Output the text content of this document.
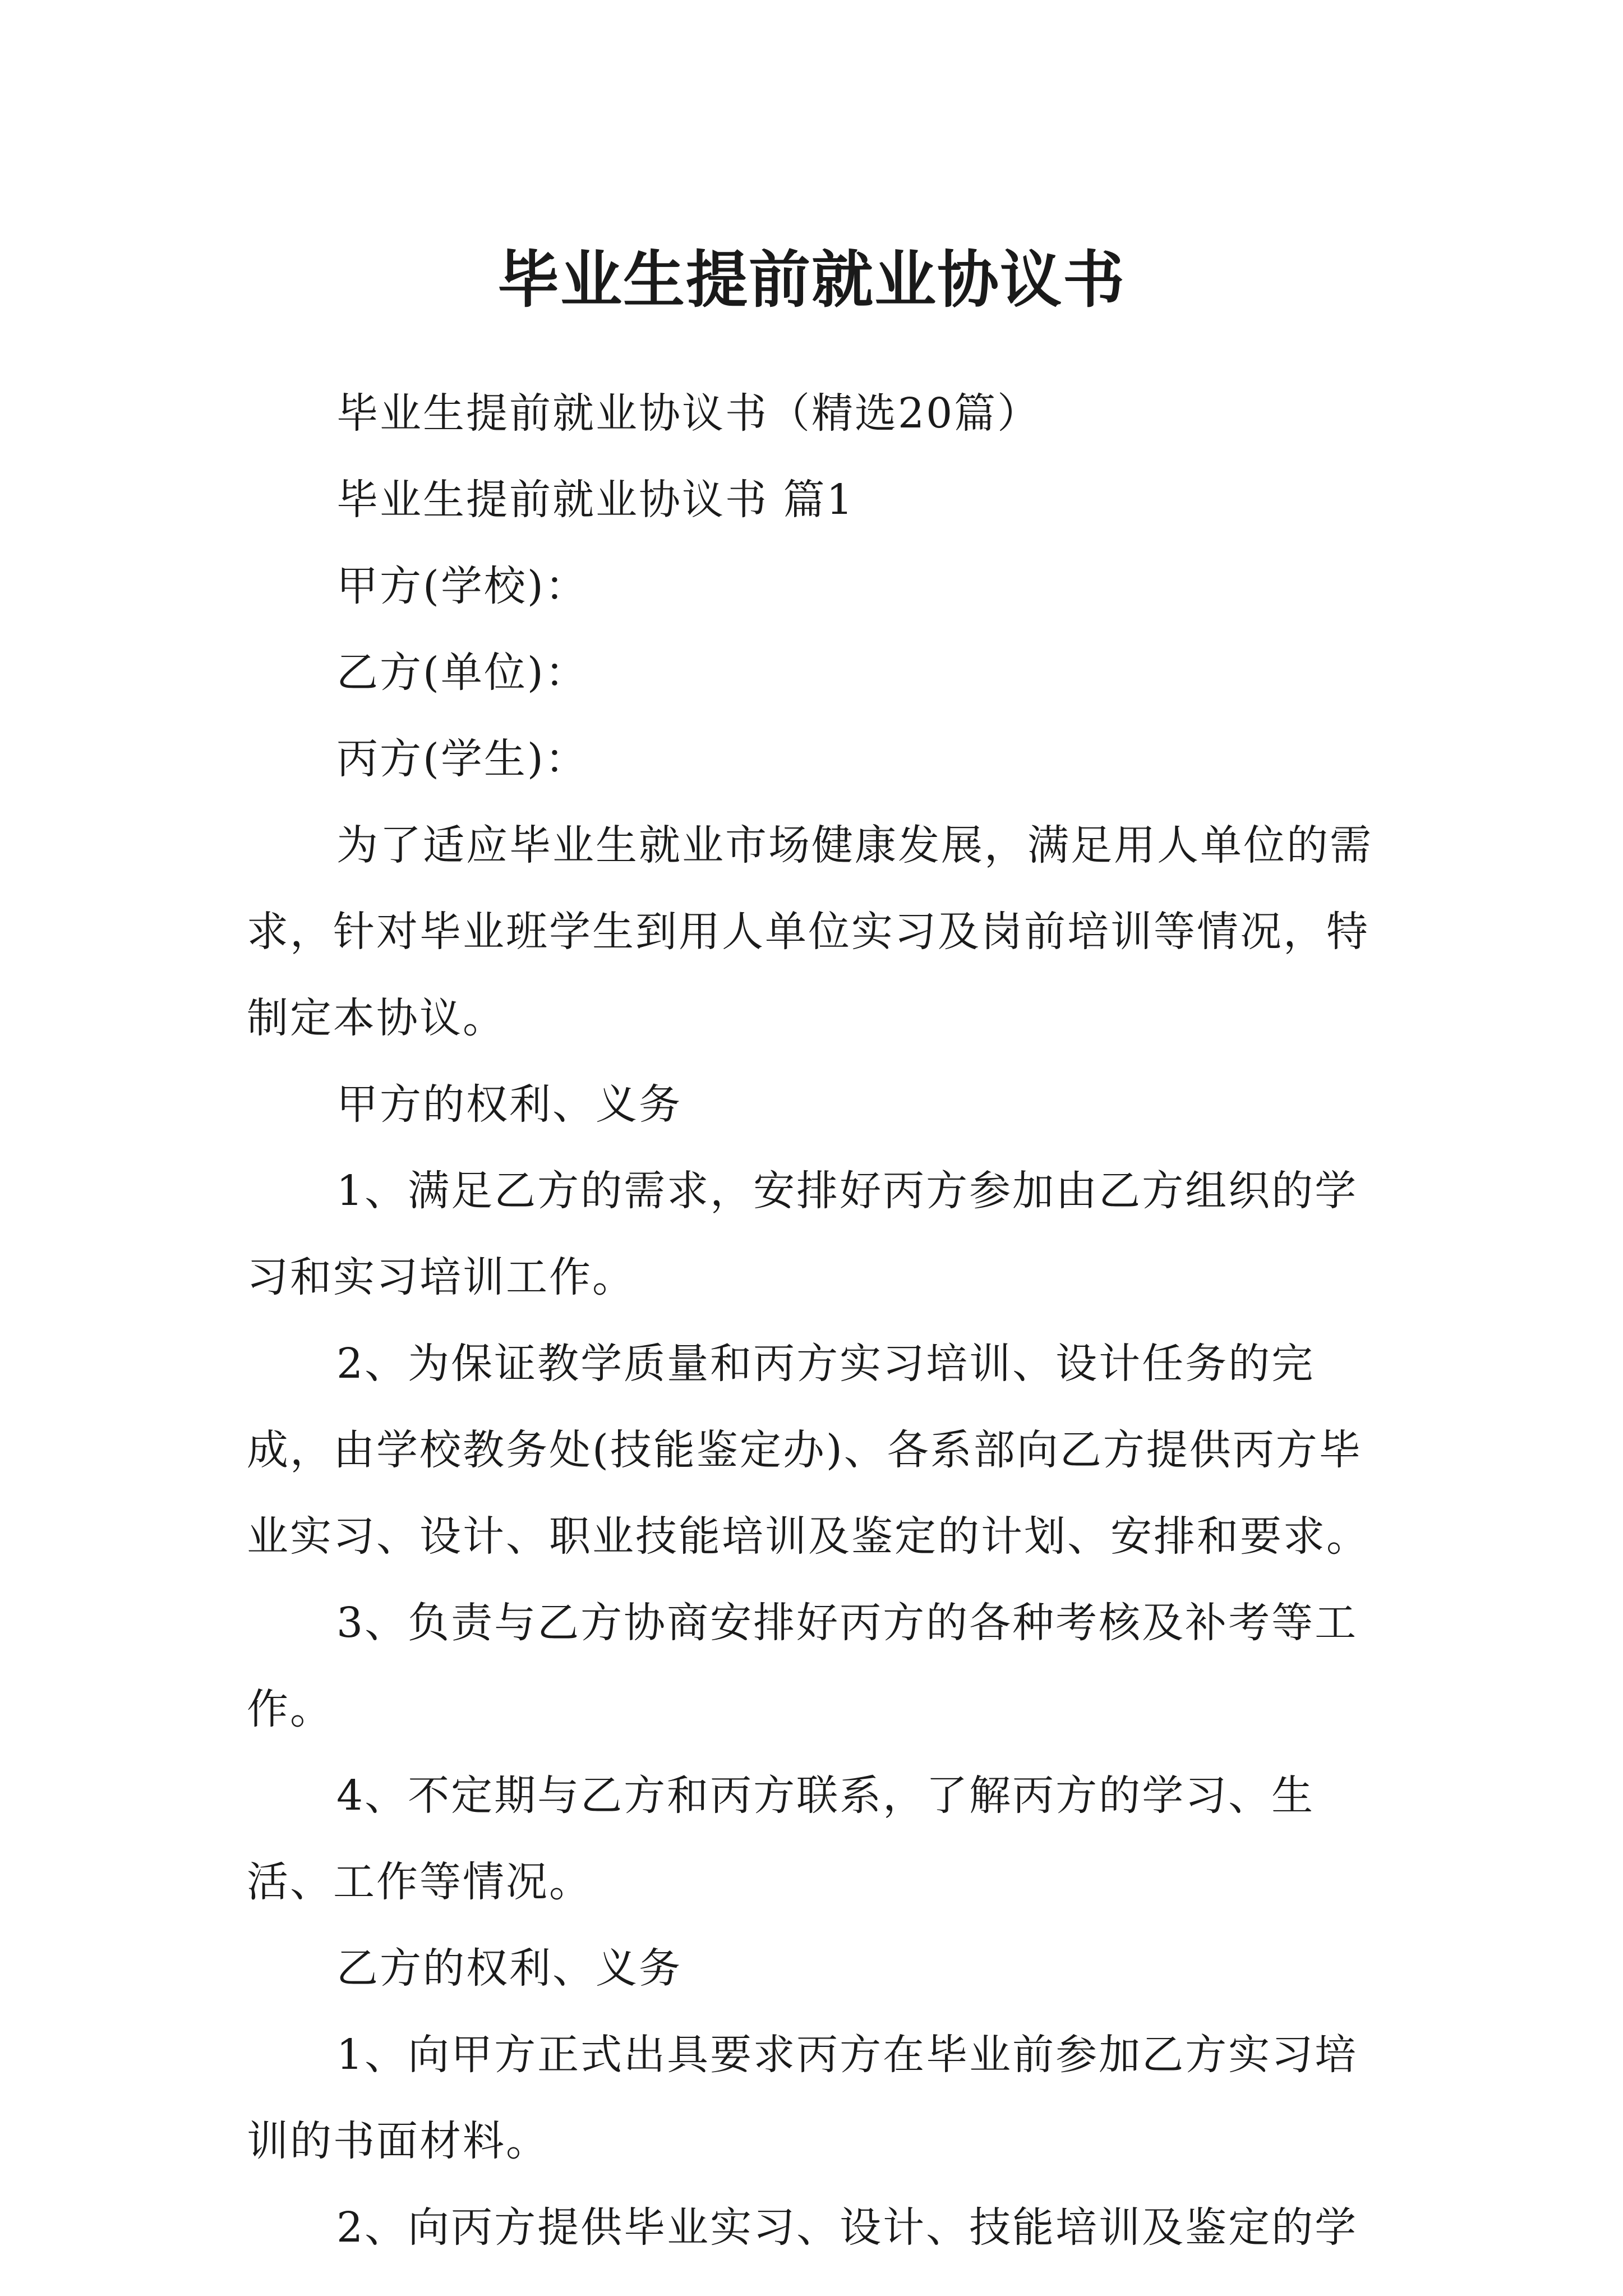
毕业生提前就业协议书

毕业生提前就业协议书（精选20篇）

毕业生提前就业协议书 篇1

甲方(学校)：

乙方(单位)：

丙方(学生)：

为了适应毕业生就业市场健康发展，满足用人单位的需求，针对毕业班学生到用人单位实习及岗前培训等情况，特制定本协议。

甲方的权利、义务

1、满足乙方的需求，安排好丙方参加由乙方组织的学习和实习培训工作。

2、为保证教学质量和丙方实习培训、设计任务的完成，由学校教务处(技能鉴定办)、各系部向乙方提供丙方毕业实习、设计、职业技能培训及鉴定的计划、安排和要求。

3、负责与乙方协商安排好丙方的各种考核及补考等工作。

4、不定期与乙方和丙方联系，了解丙方的学习、生活、工作等情况。

乙方的权利、义务

1、向甲方正式出具要求丙方在毕业前参加乙方实习培训的书面材料。

2、向丙方提供毕业实习、设计、技能培训及鉴定的学
